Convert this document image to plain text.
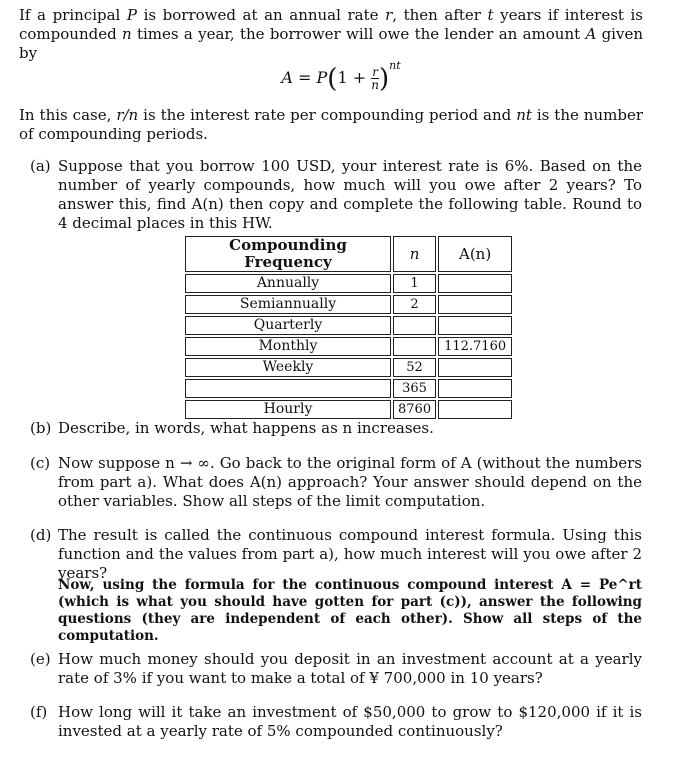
If a principal P is borrowed at an annual rate r, then after t years if interest is compounded n times a year, the borrower will owe the lender an amount A given by
$A = P(1 + \frac{r}{n} )^{nt}$
In this case, r/n is the interest rate per compounding period and nt is the number of compounding periods.
(a) Suppose that you borrow 100 USD, your interest rate is 6%. Based on the number of yearly compounds, how much will you owe after 2 years? To answer this, find A(n) then copy and complete the following table. Round to 4 decimal places in this HW.
Compounding Frequency	n	A(n)
Annually	1	
Semiannually	2	
Quarterly		
Monthly		112.7160
Weekly	52	
	365	
Hourly	8760	
(b) Describe, in words, what happens as n increases.
(c) Now suppose n → ∞. Go back to the original form of A (without the numbers from part a). What does A(n) approach? Your answer should depend on the other variables. Show all steps of the limit computation.
(d) The result is called the continuous compound interest formula. Using this function and the values from part a), how much interest will you owe after 2 years?
Now, using the formula for the continuous compound interest A = Pe^rt (which is what you should have gotten for part (c)), answer the following questions (they are independent of each other). Show all steps of the computation.
(e) How much money should you deposit in an investment account at a yearly rate of 3% if you want to make a total of ¥ 700,000 in 10 years?
(f) How long will it take an investment of $50,000 to grow to $120,000 if it is invested at a yearly rate of 5% compounded continuously?
